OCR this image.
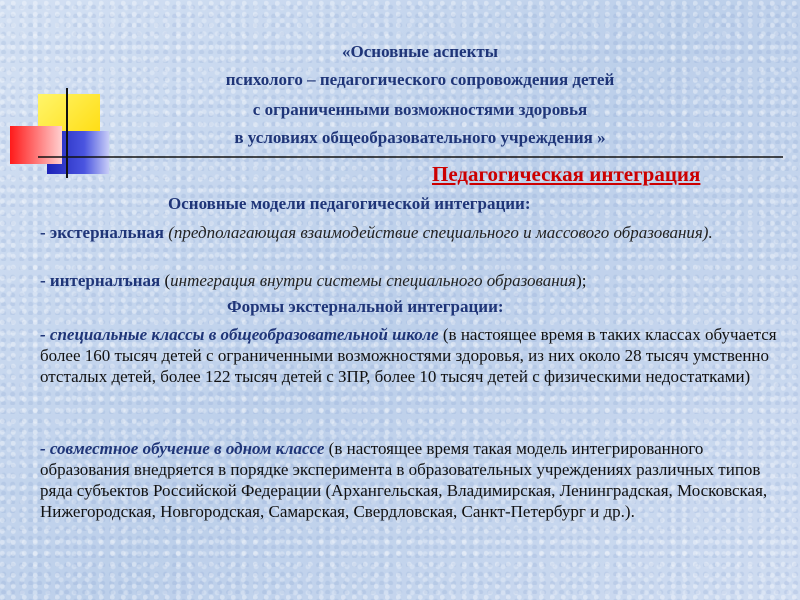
«Основные аспекты
психолого – педагогического сопровождения детей
с ограниченными возможностями здоровья
в условиях общеобразовательного учреждения »
Педагогическая интеграция
Основные модели педагогической интеграции:
- экстернальная (предполагающая взаимодействие специального и массового образования).
- интерналъная (интеграция внутри системы специального образования);
Формы экстернальной интеграции:
- специальные классы в общеобразовательной школе (в настоящее время в таких классах обучается более 160 тысяч детей с ограниченными возможностями здоровья, из них около 28 тысяч умственно отсталых детей, более 122 тысяч детей с ЗПР, более 10 тысяч детей с физическими недостатками)
- совместное обучение в одном классе (в настоящее время такая модель интегрированного образования внедряется в порядке эксперимента в образовательных учреждениях различных типов ряда субъектов Российской Федерации (Архангельская, Владимирская, Ленинградская, Московская, Нижегородская, Новгородская, Самарская, Свердловская, Санкт-Петербург и др.).
